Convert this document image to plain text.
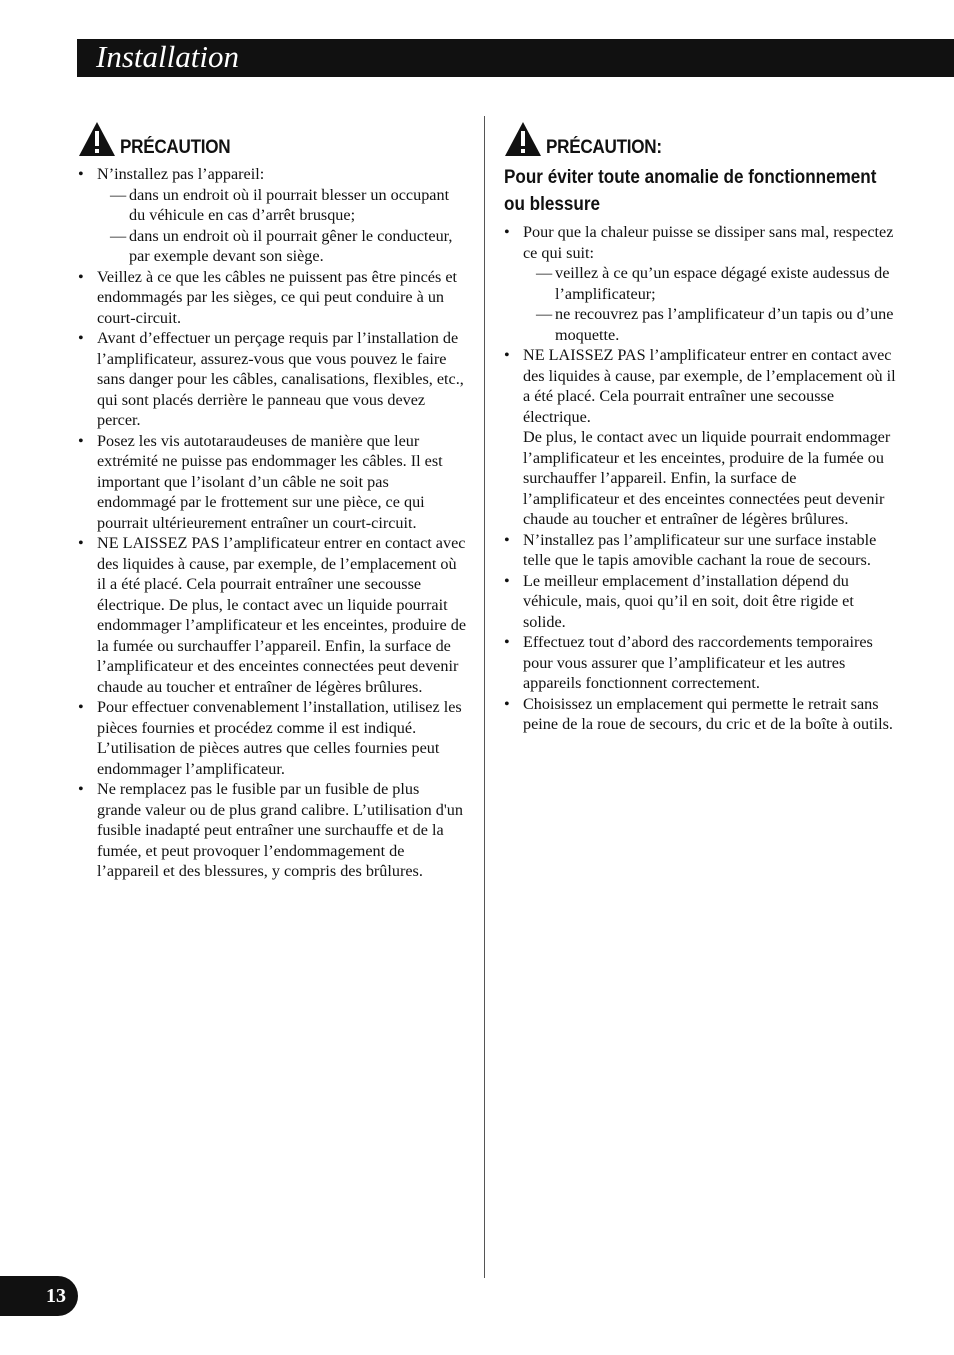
Installation
PRÉCAUTION
• N’installez pas l’appareil:
— dans un endroit où il pourrait blesser un occupant du véhicule en cas d’arrêt brusque;
— dans un endroit où il pourrait gêner le conducteur, par exemple devant son siège.
• Veillez à ce que les câbles ne puissent pas être pincés et endommagés par les sièges, ce qui peut conduire à un court-circuit.
• Avant d’effectuer un perçage requis par l’installation de l’amplificateur, assurez-vous que vous pouvez le faire sans danger pour les câbles, canalisations, flexibles, etc., qui sont placés derrière le panneau que vous devez percer.
• Posez les vis autotaraudeuses de manière que leur extrémité ne puisse pas endommager les câbles. Il est important que l’isolant d’un câble ne soit pas endommagé par le frottement sur une pièce, ce qui pourrait ultérieurement entraîner un court-circuit.
• NE LAISSEZ PAS l’amplificateur entrer en contact avec des liquides à cause, par exemple, de l’emplacement où il a été placé. Cela pourrait entraîner une secousse électrique. De plus, le contact avec un liquide pourrait endommager l’amplificateur et les enceintes, produire de la fumée ou surchauffer l’appareil. Enfin, la surface de l’amplificateur et des enceintes connectées peut devenir chaude au toucher et entraîner de légères brûlures.
• Pour effectuer convenablement l’installation, utilisez les pièces fournies et procédez comme il est indiqué. L’utilisation de pièces autres que celles fournies peut endommager l’amplificateur.
• Ne remplacez pas le fusible par un fusible de plus grande valeur ou de plus grand calibre. L’utilisation d'un fusible inadapté peut entraîner une surchauffe et de la fumée, et peut provoquer l’endommagement de l’appareil et des blessures, y compris des brûlures.
PRÉCAUTION:
Pour éviter toute anomalie de fonctionnement ou blessure
• Pour que la chaleur puisse se dissiper sans mal, respectez ce qui suit:
— veillez à ce qu’un espace dégagé existe audessus de l’amplificateur;
— ne recouvrez pas l’amplificateur d’un tapis ou d’une moquette.
• NE LAISSEZ PAS l’amplificateur entrer en contact avec des liquides à cause, par exemple, de l’emplacement où il a été placé. Cela pourrait entraîner une secousse électrique.
De plus, le contact avec un liquide pourrait endommager l’amplificateur et les enceintes, produire de la fumée ou surchauffer l’appareil. Enfin, la surface de l’amplificateur et des enceintes connectées peut devenir chaude au toucher et entraîner de légères brûlures.
• N’installez pas l’amplificateur sur une surface instable telle que le tapis amovible cachant la roue de secours.
• Le meilleur emplacement d’installation dépend du véhicule, mais, quoi qu’il en soit, doit être rigide et solide.
• Effectuez tout d’abord des raccordements temporaires pour vous assurer que l’amplificateur et les autres appareils fonctionnent correctement.
• Choisissez un emplacement qui permette le retrait sans peine de la roue de secours, du cric et de la boîte à outils.
13
